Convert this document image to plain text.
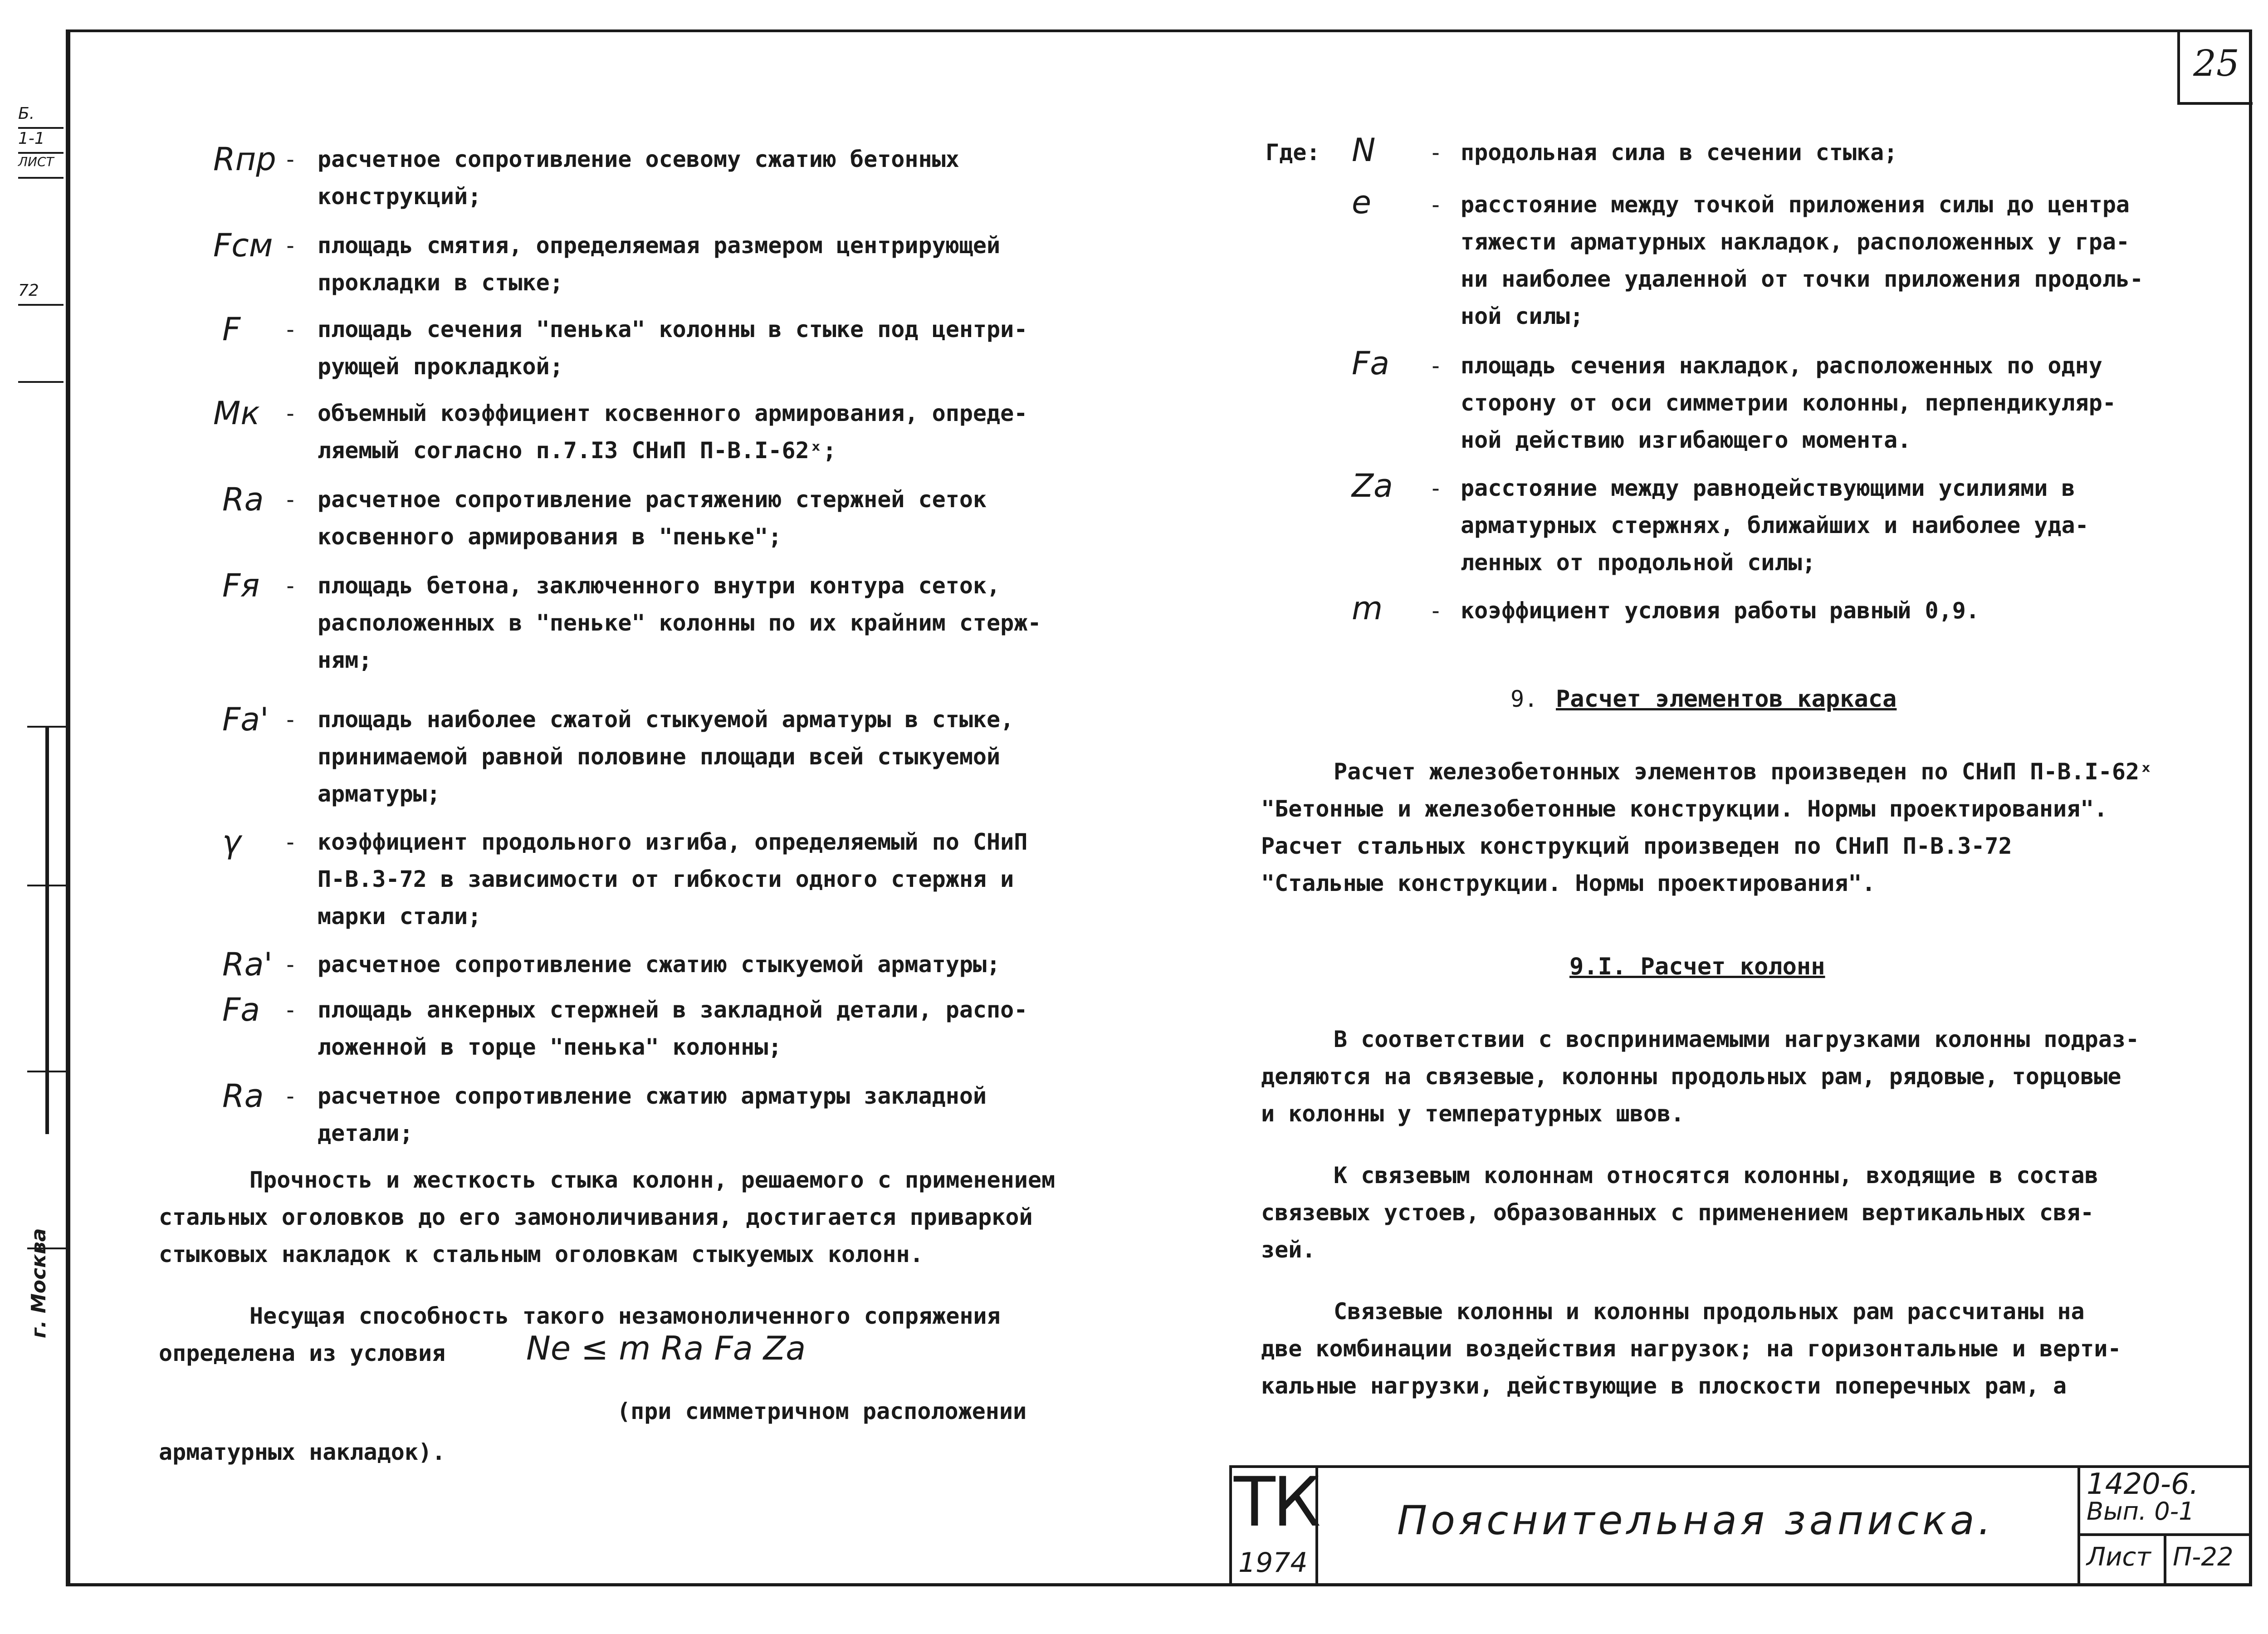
25
Б.
1-1
ЛИСТ
72
г. Москва
Rпр - расчетное сопротивление осевому сжатию бетонных
конструкций;
Fсм - площадь смятия, определяемая размером центрирующей
прокладки в стыке;
F - площадь сечения "пенька" колонны в стыке под центри-
рующей прокладкой;
Mк - объемный коэффициент косвенного армирования, опреде-
ляемый согласно п.7.I3 СНиП П-В.I-62ˣ;
Ra - расчетное сопротивление растяжению стержней сеток
косвенного армирования в "пеньке";
Fя - площадь бетона, заключенного внутри контура сеток,
расположенных в "пеньке" колонны по их крайним стерж-
ням;
Fa' - площадь наиболее сжатой стыкуемой арматуры в стыке,
принимаемой равной половине площади всей стыкуемой
арматуры;
γ - коэффициент продольного изгиба, определяемый по СНиП
П-В.3-72 в зависимости от гибкости одного стержня и
марки стали;
Ra' - расчетное сопротивление сжатию стыкуемой арматуры;
Fa - площадь анкерных стержней в закладной детали, распо-
ложенной в торце "пенька" колонны;
Ra - расчетное сопротивление сжатию арматуры закладной
детали;
Прочность и жесткость стыка колонн, решаемого с применением
стальных оголовков до его замоноличивания, достигается приваркой
стыковых накладок к стальным оголовкам стыкуемых колонн.
Несущая способность такого незамоноличенного сопряжения
определена из условия Ne ≤ m Ra Fa Za
(при симметричном расположении
арматурных накладок).
Где: N - продольная сила в сечении стыка;
e	- расстояние между точкой приложения силы до центра
тяжести арматурных накладок, расположенных у гра-
ни наиболее удаленной от точки приложения продоль-
ной силы;
Fa - площадь сечения накладок, расположенных по одну
сторону от оси симметрии колонны, перпендикуляр-
ной действию изгибающего момента.
Za - расстояние между равнодействующими усилиями в
арматурных стержнях, ближайших и наиболее уда-
ленных от продольной силы;
m - коэффициент условия работы равный 0,9.
9. Расчет элементов каркаса
Расчет железобетонных элементов произведен по СНиП П-В.I-62ˣ
"Бетонные и железобетонные конструкции. Нормы проектирования".
Расчет стальных конструкций произведен по СНиП П-В.3-72
"Стальные конструкции. Нормы проектирования".
9.I. Расчет колонн
В соответствии с воспринимаемыми нагрузками колонны подраз-
деляются на связевые, колонны продольных рам, рядовые, торцовые
и колонны у температурных швов.
К связевым колоннам относятся колонны, входящие в состав
связевых устоев, образованных с применением вертикальных свя-
зей.
Связевые колонны и колонны продольных рам рассчитаны на
две комбинации воздействия нагрузок; на горизонтальные и верти-
кальные нагрузки, действующие в плоскости поперечных рам, а
ТК
1974
Пояснительная записка.
1420-6.
Вып. 0-1
Лист П-22
